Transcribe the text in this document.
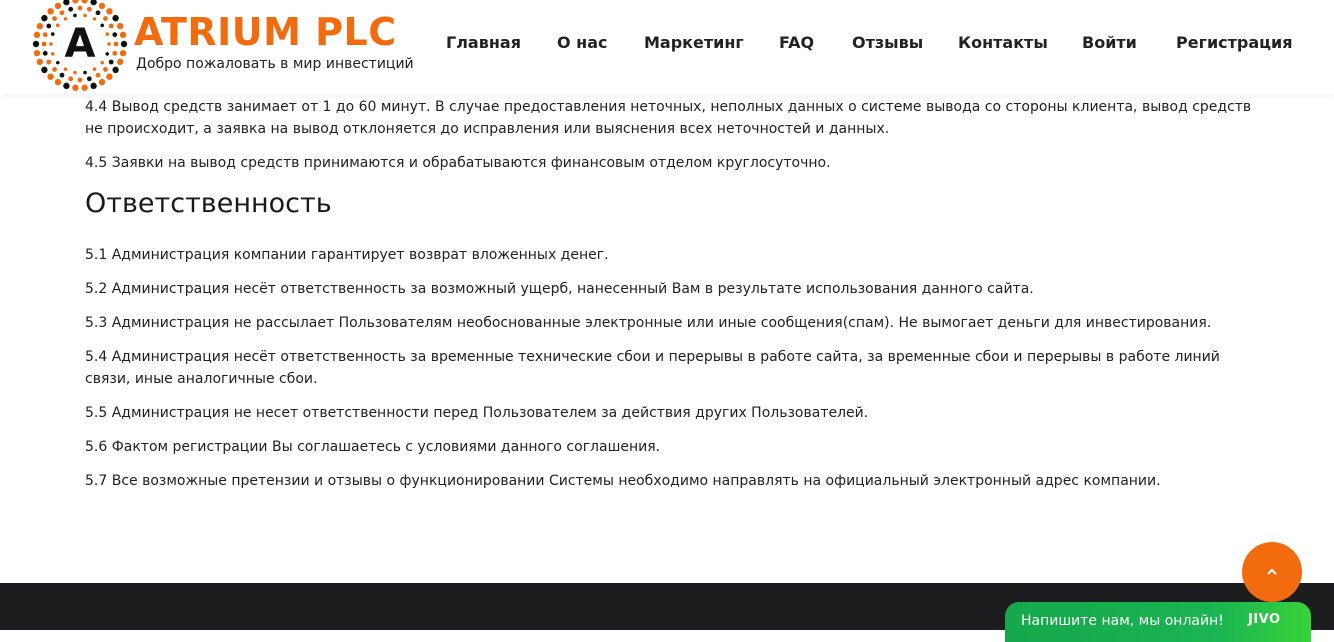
A ATRIUM PLC
Добро пожаловать в мир инвестиций
Главная О нас Маркетинг FAQ Отзывы Контакты Войти Регистрация

4.4 Вывод средств занимает от 1 до 60 минут. В случае предоставления неточных, неполных данных о системе вывода со стороны клиента, вывод средств не происходит, а заявка на вывод отклоняется до исправления или выяснения всех неточностей и данных.

4.5 Заявки на вывод средств принимаются и обрабатываются финансовым отделом круглосуточно.

Ответственность

5.1 Администрация компании гарантирует возврат вложенных денег.

5.2 Администрация несёт ответственность за возможный ущерб, нанесенный Вам в результате использования данного сайта.

5.3 Администрация не рассылает Пользователям необоснованные электронные или иные сообщения(спам). Не вымогает деньги для инвестирования.

5.4 Администрация несёт ответственность за временные технические сбои и перерывы в работе сайта, за временные сбои и перерывы в работе линий связи, иные аналогичные сбои.

5.5 Администрация не несет ответственности перед Пользователем за действия других Пользователей.

5.6 Фактом регистрации Вы соглашаетесь с условиями данного соглашения.

5.7 Все возможные претензии и отзывы о функционировании Системы необходимо направлять на официальный электронный адрес компании.

Напишите нам, мы онлайн! JIVO
